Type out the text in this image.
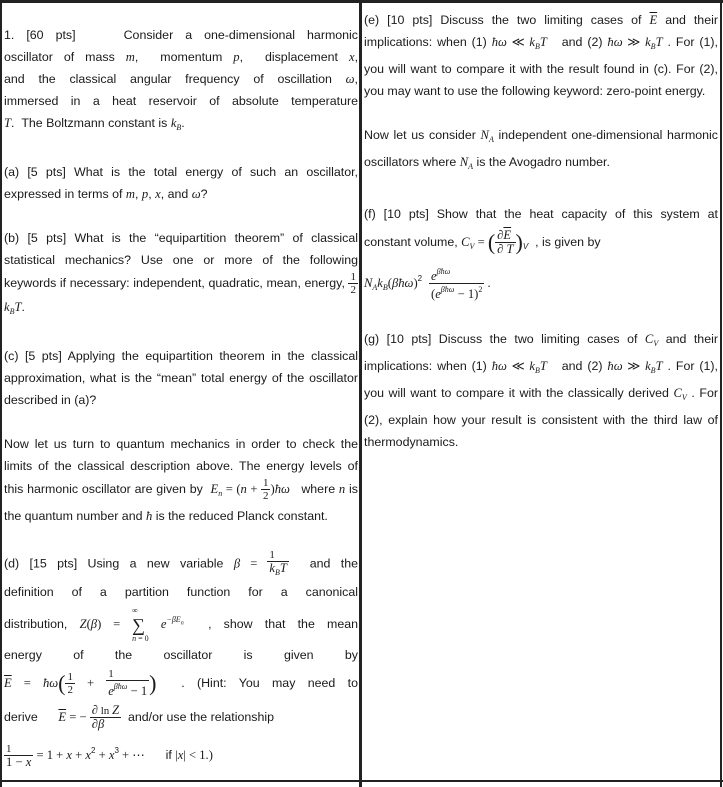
1. [60 pts]	Consider a one-dimensional harmonic

oscillator of mass m,  momentum p,  displacement x,

and the classical angular frequency of oscillation ω,

immersed in a heat reservoir of absolute temperature

T.  The Boltzmann constant is $k_B$.

(a) [5 pts] What is the total energy of such an oscillator, expressed in terms of m, p, x, and ω?

(b) [5 pts] What is the “equipartition theorem” of classical statistical mechanics? Use one or more of the following keywords if necessary: independent, quadratic, mean, energy, $\frac{1}{2}$
$k_BT$.

(c) [5 pts] Applying the equipartition theorem in the classical approximation, what is the “mean” total energy of the oscillator described in (a)?

Now let us turn to quantum mechanics in order to check the limits of the classical description above. The energy levels of this harmonic oscillator are given by $E_n = (n + \frac{1}{2}$ )ħω where n is the quantum number and ħ is the reduced Planck constant.

(d) [15 pts] Using a new variable $\beta = \frac{1}{k_BT}$ and the

definition of a partition function for a canonical

distribution, Z(β) =
∞
∑
n = 0
$e^{-\beta E_n}$ , show that the mean

energy of the oscillator is given by

$\overline{E}$ = ħω( $\frac{1}{2} + \frac{1}{e^{\beta ħ\omega} - 1}$ ) . (Hint: You may need to

derive $\overline{E}$ = − $\frac{\text{∂ ln Z}}{\partial\beta} and/or$ use the relationship

$\frac{1}{1 - x} = 1 + x + x^2 + x^3$ + ⋯ if |x| < 1.)

(e) [10 pts] Discuss the two limiting cases of $\overline{E}$ and their implications: when (1) ħω ≪ $k_BT$ and (2) ħω ≫ $k_BT$ . For (1), you will want to compare it with the result found in (c). For (2), you may want to use the following keyword: zero-point energy.

Now let us consider $N_A$ independent one-dimensional harmonic oscillators where $N_A$ is the Avogadro number.

(f) [10 pts] Show that the heat capacity of this system at constant volume, $C_V$ = ( $\frac{\partial\overline{E}}{\partial T} )_V$ , is given by

$N_Ak_B(\beta ħ\omega)^2 \frac{e^{\beta ħ\omega}}{(e^{\beta ħ\omega} - 1)^2}$ .

(g) [10 pts] Discuss the two limiting cases of $C_V$ and their implications: when (1) ħω ≪ $k_BT$ and (2) ħω ≫ $k_BT$ . For (1), you will want to compare it with the classically derived $C_V$ . For (2), explain how your result is consistent with the third law of thermodynamics.
